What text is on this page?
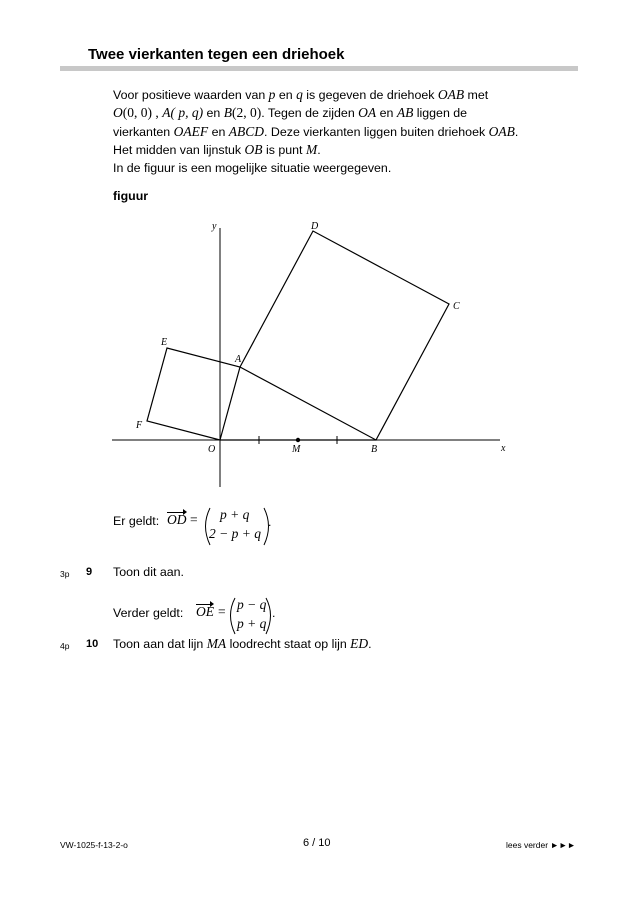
Twee vierkanten tegen een driehoek
Voor positieve waarden van p en q is gegeven de driehoek OAB met
O(0, 0) , A( p, q) en B(2, 0). Tegen de zijden OA en AB liggen de
vierkanten OAEF en ABCD. Deze vierkanten liggen buiten driehoek OAB.
Het midden van lijnstuk OB is punt M.
In de figuur is een mogelijke situatie weergegeven.
figuur
y
x
O
A
B
C
D
E
F
M
Er geldt: OD = p + q
2 − p + q
.
3p 9 Toon dit aan.
Verder geldt: OE = p − q
p + q
.
4p 10 Toon aan dat lijn MA loodrecht staat op lijn ED.
VW-1025-f-13-2-o	6 / 10	lees verder ►►►
